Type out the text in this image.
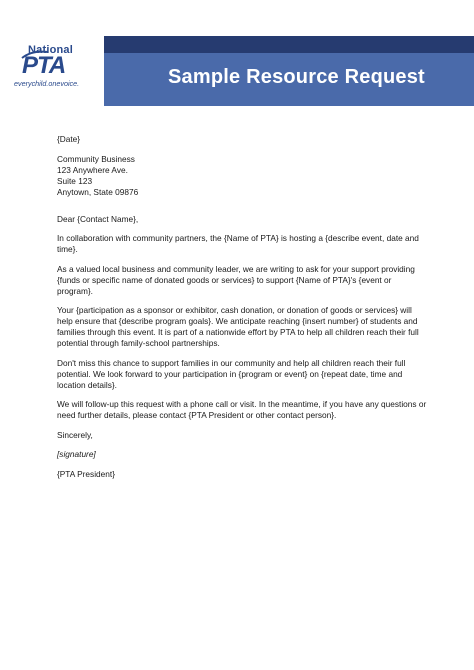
National
PTA
everychild.onevoice.	Sample Resource Request

{Date}

Community Business
123 Anywhere Ave.
Suite 123
Anytown, State 09876

Dear {Contact Name},

In collaboration with community partners, the {Name of PTA} is hosting a {describe event, date and time}.

As a valued local business and community leader, we are writing to ask for your support providing {funds or specific name of donated goods or services} to support {Name of PTA}'s {event or program}.

Your {participation as a sponsor or exhibitor, cash donation, or donation of goods or services} will help ensure that {describe program goals}. We anticipate reaching {insert number} of students and families through this event. It is part of a nationwide effort by PTA to help all children reach their full potential through family-school partnerships.

Don't miss this chance to support families in our community and help all children reach their full potential. We look forward to your participation in {program or event} on {repeat date, time and location details}.

We will follow-up this request with a phone call or visit. In the meantime, if you have any questions or need further details, please contact {PTA President or other contact person}.

Sincerely,

[signature]

{PTA President}
